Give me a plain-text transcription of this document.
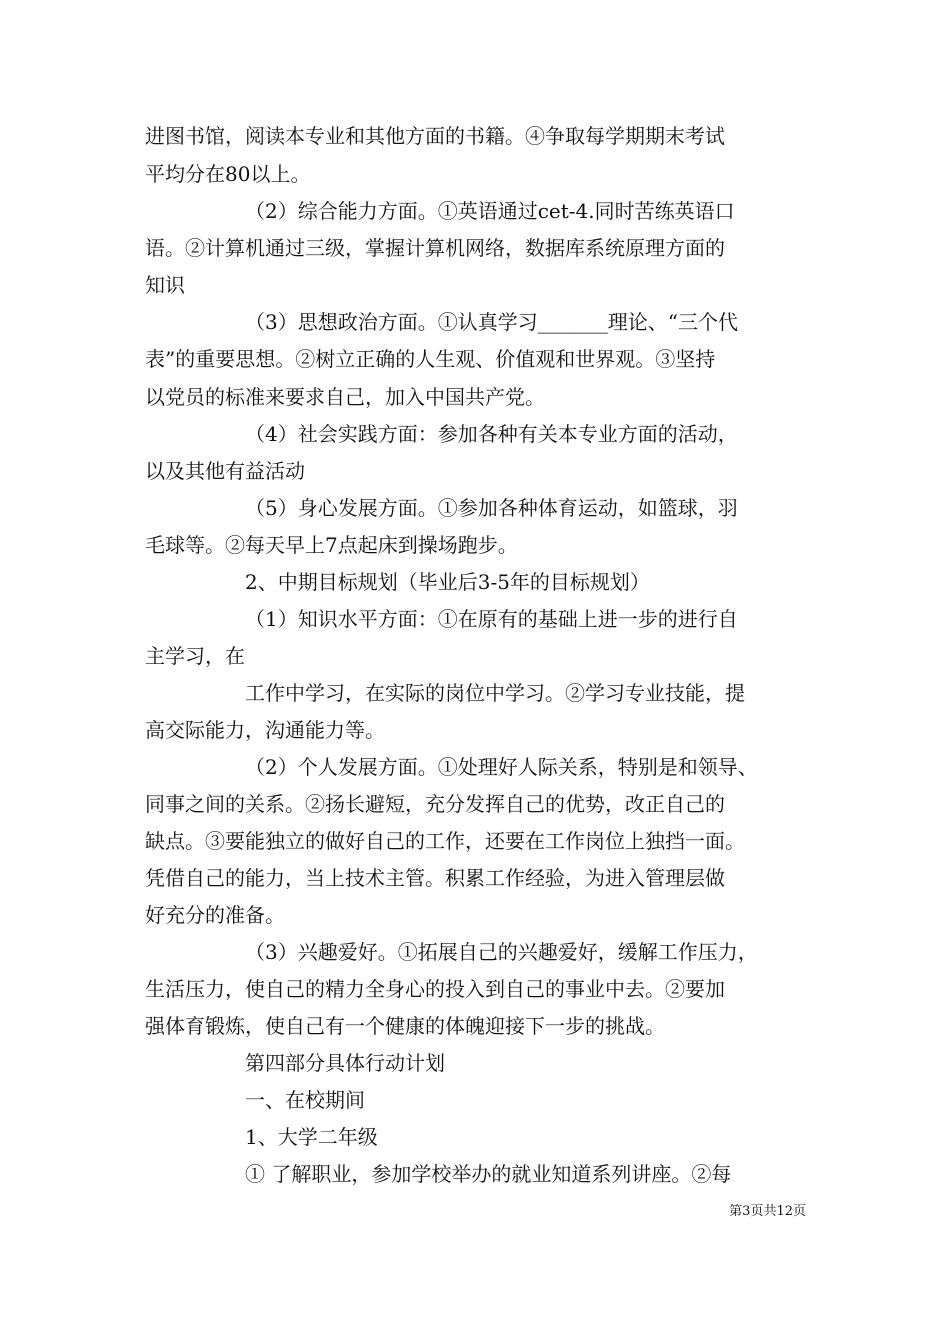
进图书馆，阅读本专业和其他方面的书籍。④争取每学期期末考试
平均分在80以上。
（2）综合能力方面。①英语通过cet-4.同时苦练英语口
语。②计算机通过三级，掌握计算机网络，数据库系统原理方面的
知识
（3）思想政治方面。①认真学习_______理论、“三个代
表”的重要思想。②树立正确的人生观、价值观和世界观。③坚持
以党员的标准来要求自己，加入中国共产党。
（4）社会实践方面：参加各种有关本专业方面的活动，
以及其他有益活动
（5）身心发展方面。①参加各种体育运动，如篮球，羽
毛球等。②每天早上7点起床到操场跑步。
2、中期目标规划（毕业后3-5年的目标规划）
（1）知识水平方面：①在原有的基础上进一步的进行自
主学习，在
工作中学习，在实际的岗位中学习。②学习专业技能，提
高交际能力，沟通能力等。
（2）个人发展方面。①处理好人际关系，特别是和领导、
同事之间的关系。②扬长避短，充分发挥自己的优势，改正自己的
缺点。③要能独立的做好自己的工作，还要在工作岗位上独挡一面。
凭借自己的能力，当上技术主管。积累工作经验，为进入管理层做
好充分的准备。
（3）兴趣爱好。①拓展自己的兴趣爱好，缓解工作压力，
生活压力，使自己的精力全身心的投入到自己的事业中去。②要加
强体育锻炼，使自己有一个健康的体魄迎接下一步的挑战。
第四部分具体行动计划
一、在校期间
1、大学二年级
① 了解职业，参加学校举办的就业知道系列讲座。②每
第3页共12页
